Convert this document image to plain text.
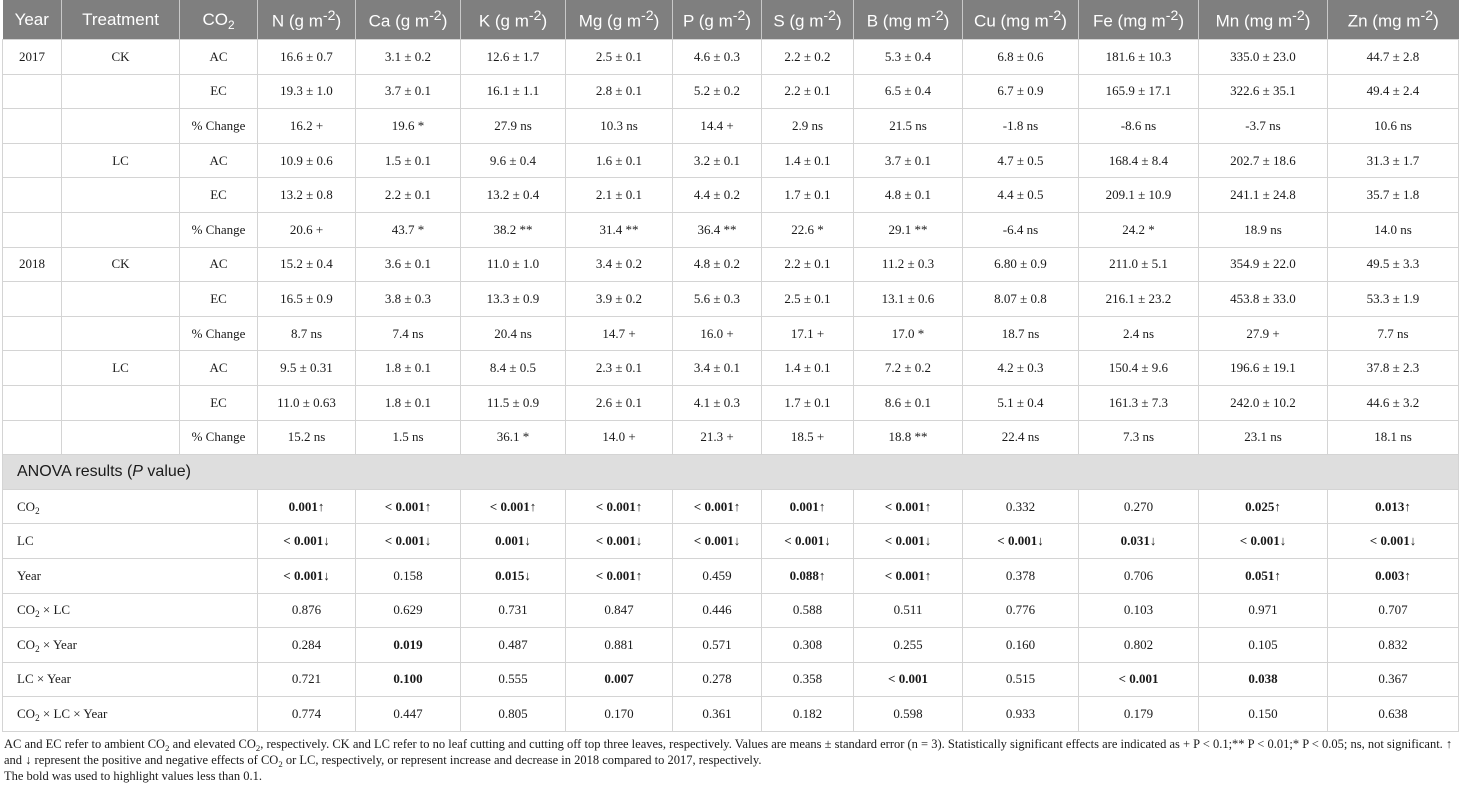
Year	Treatment	$CO_2$	N (g $m^{-2}$)	Ca (g $m^{-2}$)	K (g $m^{-2}$)	Mg (g $m^{-2}$)	P (g $m^{-2}$)	S (g $m^{-2}$)	B (mg $m^{-2}$)	Cu (mg $m^{-2}$)	Fe (mg $m^{-2}$)	Mn (mg $m^{-2}$)	Zn (mg $m^{-2}$)
2017	CK	AC	16.6 ± 0.7	3.1 ± 0.2	12.6 ± 1.7	2.5 ± 0.1	4.6 ± 0.3	2.2 ± 0.2	5.3 ± 0.4	6.8 ± 0.6	181.6 ± 10.3	335.0 ± 23.0	44.7 ± 2.8
		EC	19.3 ± 1.0	3.7 ± 0.1	16.1 ± 1.1	2.8 ± 0.1	5.2 ± 0.2	2.2 ± 0.1	6.5 ± 0.4	6.7 ± 0.9	165.9 ± 17.1	322.6 ± 35.1	49.4 ± 2.4
		% Change	16.2 +	19.6 *	27.9 ns	10.3 ns	14.4 +	2.9 ns	21.5 ns	-1.8 ns	-8.6 ns	-3.7 ns	10.6 ns
	LC	AC	10.9 ± 0.6	1.5 ± 0.1	9.6 ± 0.4	1.6 ± 0.1	3.2 ± 0.1	1.4 ± 0.1	3.7 ± 0.1	4.7 ± 0.5	168.4 ± 8.4	202.7 ± 18.6	31.3 ± 1.7
		EC	13.2 ± 0.8	2.2 ± 0.1	13.2 ± 0.4	2.1 ± 0.1	4.4 ± 0.2	1.7 ± 0.1	4.8 ± 0.1	4.4 ± 0.5	209.1 ± 10.9	241.1 ± 24.8	35.7 ± 1.8
		% Change	20.6 +	43.7 *	38.2 **	31.4 **	36.4 **	22.6 *	29.1 **	-6.4 ns	24.2 *	18.9 ns	14.0 ns
2018	CK	AC	15.2 ± 0.4	3.6 ± 0.1	11.0 ± 1.0	3.4 ± 0.2	4.8 ± 0.2	2.2 ± 0.1	11.2 ± 0.3	6.80 ± 0.9	211.0 ± 5.1	354.9 ± 22.0	49.5 ± 3.3
		EC	16.5 ± 0.9	3.8 ± 0.3	13.3 ± 0.9	3.9 ± 0.2	5.6 ± 0.3	2.5 ± 0.1	13.1 ± 0.6	8.07 ± 0.8	216.1 ± 23.2	453.8 ± 33.0	53.3 ± 1.9
		% Change	8.7 ns	7.4 ns	20.4 ns	14.7 +	16.0 +	17.1 +	17.0 *	18.7 ns	2.4 ns	27.9 +	7.7 ns
	LC	AC	9.5 ± 0.31	1.8 ± 0.1	8.4 ± 0.5	2.3 ± 0.1	3.4 ± 0.1	1.4 ± 0.1	7.2 ± 0.2	4.2 ± 0.3	150.4 ± 9.6	196.6 ± 19.1	37.8 ± 2.3
		EC	11.0 ± 0.63	1.8 ± 0.1	11.5 ± 0.9	2.6 ± 0.1	4.1 ± 0.3	1.7 ± 0.1	8.6 ± 0.1	5.1 ± 0.4	161.3 ± 7.3	242.0 ± 10.2	44.6 ± 3.2
		% Change	15.2 ns	1.5 ns	36.1 *	14.0 +	21.3 +	18.5 +	18.8 **	22.4 ns	7.3 ns	23.1 ns	18.1 ns
ANOVA results (P value)													
$CO_2$			0.001↑	< 0.001↑	< 0.001↑	< 0.001↑	< 0.001↑	0.001↑	< 0.001↑	0.332	0.270	0.025↑	0.013↑
LC			< 0.001↓	< 0.001↓	0.001↓	< 0.001↓	< 0.001↓	< 0.001↓	< 0.001↓	< 0.001↓	0.031↓	< 0.001↓	< 0.001↓
Year			< 0.001↓	0.158	0.015↓	< 0.001↑	0.459	0.088↑	< 0.001↑	0.378	0.706	0.051↑	0.003↑
$CO_2$ × LC			0.876	0.629	0.731	0.847	0.446	0.588	0.511	0.776	0.103	0.971	0.707
$CO_2$ × Year			0.284	0.019	0.487	0.881	0.571	0.308	0.255	0.160	0.802	0.105	0.832
LC × Year			0.721	0.100	0.555	0.007	0.278	0.358	< 0.001	0.515	< 0.001	0.038	0.367
$CO_2$ × LC × Year			0.774	0.447	0.805	0.170	0.361	0.182	0.598	0.933	0.179	0.150	0.638

AC and EC refer to ambient $CO_2$ and elevated $CO_2$, respectively. CK and LC refer to no leaf cutting and cutting off top three leaves, respectively. Values are means ± standard error (n = 3). Statistically significant effects are indicated as + P < 0.1;** P < 0.01;* P < 0.05; ns, not significant. ↑ and ↓ represent the positive and negative effects of $CO_2$ or LC, respectively, or represent increase and decrease in 2018 compared to 2017, respectively.

The bold was used to highlight values less than 0.1.
